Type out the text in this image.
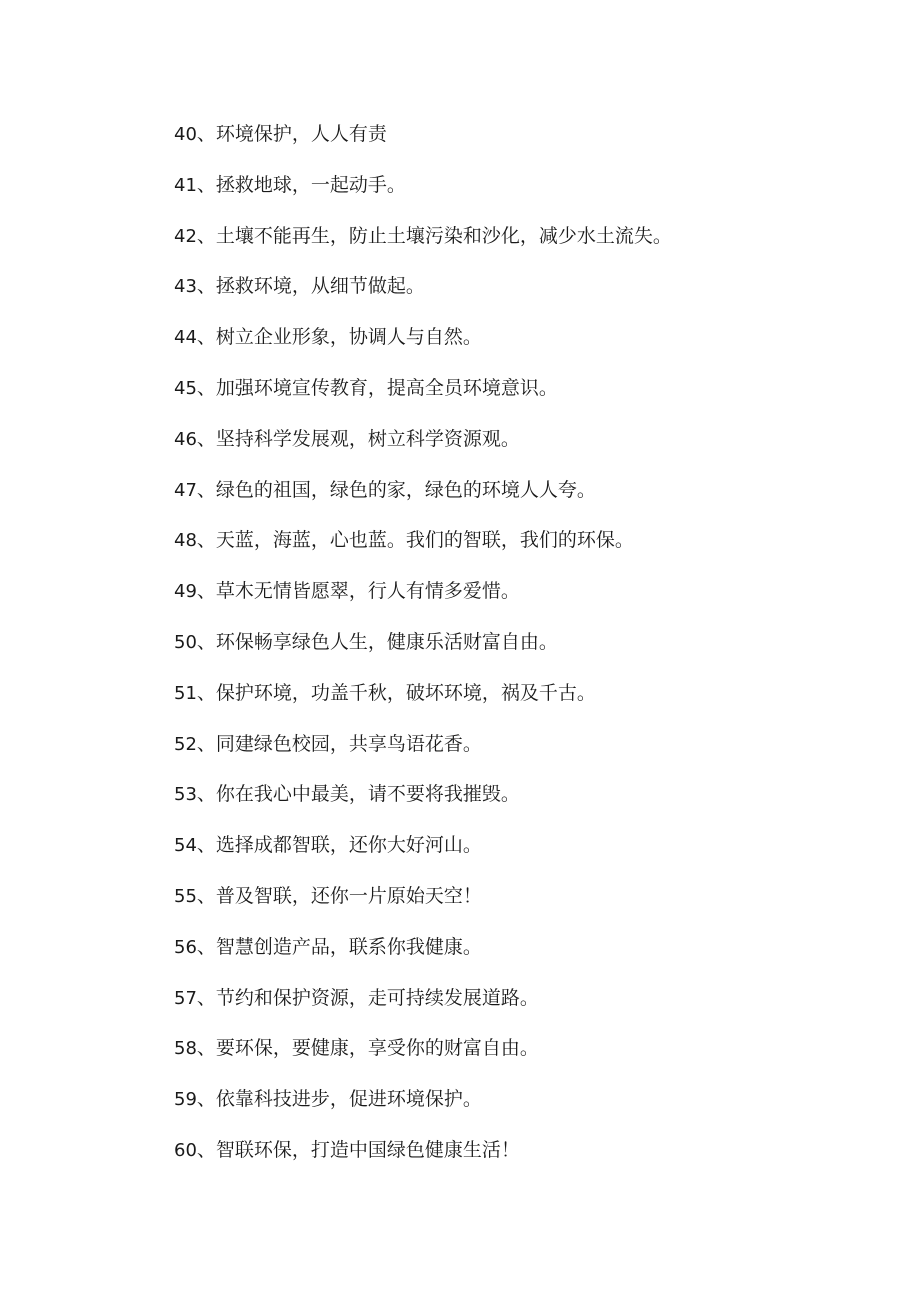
40、环境保护，人人有责
41、拯救地球，一起动手。
42、土壤不能再生，防止土壤污染和沙化，减少水土流失。
43、拯救环境，从细节做起。
44、树立企业形象，协调人与自然。
45、加强环境宣传教育，提高全员环境意识。
46、坚持科学发展观，树立科学资源观。
47、绿色的祖国，绿色的家，绿色的环境人人夸。
48、天蓝，海蓝，心也蓝。我们的智联，我们的环保。
49、草木无情皆愿翠，行人有情多爱惜。
50、环保畅享绿色人生，健康乐活财富自由。
51、保护环境，功盖千秋，破坏环境，祸及千古。
52、同建绿色校园，共享鸟语花香。
53、你在我心中最美，请不要将我摧毁。
54、选择成都智联，还你大好河山。
55、普及智联，还你一片原始天空！
56、智慧创造产品，联系你我健康。
57、节约和保护资源，走可持续发展道路。
58、要环保，要健康，享受你的财富自由。
59、依靠科技进步，促进环境保护。
60、智联环保，打造中国绿色健康生活！
